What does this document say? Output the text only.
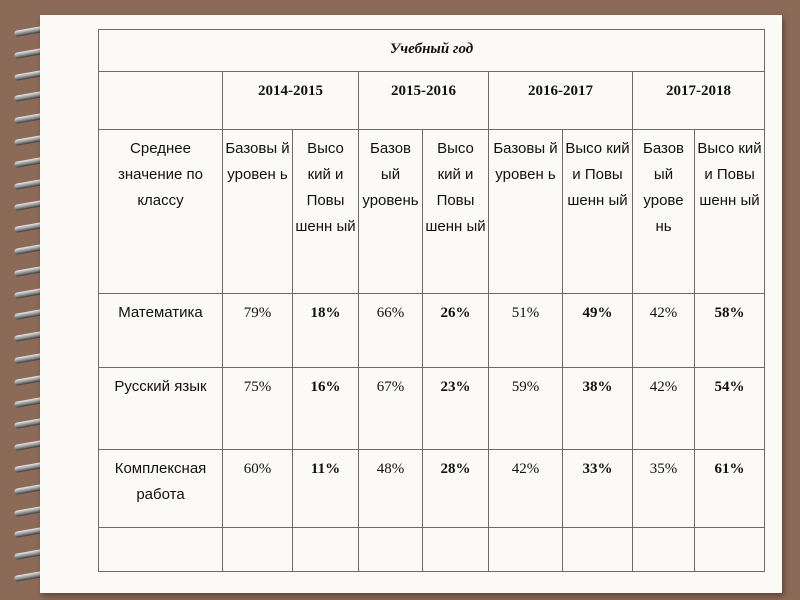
Учебный год								
	2014-2015		2015-2016		2016-2017		2017-2018	
Среднее значение по классу	Базовы й уровен ь	Высо кий и Повы шенн ый	Базов ый уровень	Высо кий и Повы шенн ый	Базовы й уровен ь	Высо кий и Повы шенн ый	Базов ый урове нь	Высо кий и Повы шенн ый
Математика	79%	18%	66%	26%	51%	49%	42%	58%
Русский язык	75%	16%	67%	23%	59%	38%	42%	54%
Комплексная работа	60%	11%	48%	28%	42%	33%	35%	61%
